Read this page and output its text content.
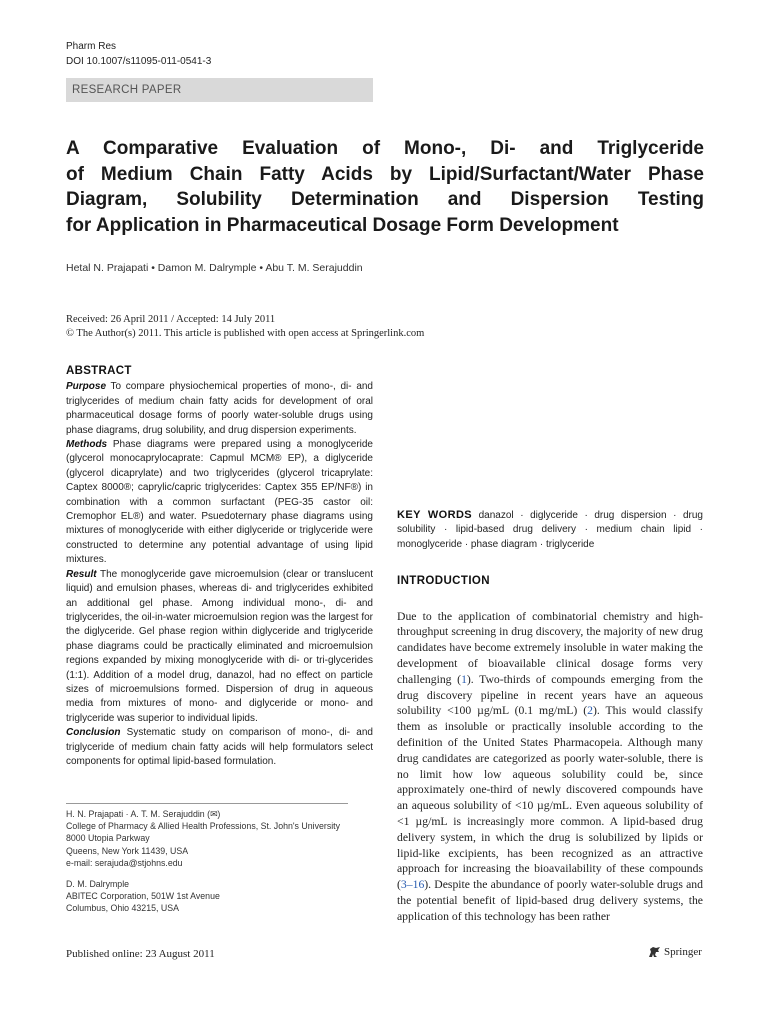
Pharm Res
DOI 10.1007/s11095-011-0541-3
RESEARCH PAPER
A Comparative Evaluation of Mono-, Di- and Triglyceride
of Medium Chain Fatty Acids by Lipid/Surfactant/Water Phase
Diagram, Solubility Determination and Dispersion Testing
for Application in Pharmaceutical Dosage Form Development
Hetal N. Prajapati • Damon M. Dalrymple • Abu T. M. Serajuddin
Received: 26 April 2011 / Accepted: 14 July 2011
© The Author(s) 2011. This article is published with open access at Springerlink.com
ABSTRACT
Purpose To compare physiochemical properties of mono-, di- and triglycerides of medium chain fatty acids for development of oral pharmaceutical dosage forms of poorly water-soluble drugs using phase diagrams, drug solubility, and drug dispersion experiments.
Methods Phase diagrams were prepared using a monoglyceride (glycerol monocaprylocaprate: Capmul MCM® EP), a diglyceride (glycerol dicaprylate) and two triglycerides (glycerol tricaprylate: Captex 8000®; caprylic/capric triglycerides: Captex 355 EP/NF®) in combination with a common surfactant (PEG-35 castor oil: Cremophor EL®) and water. Psuedoternary phase diagrams using mixtures of monoglyceride with either diglyceride or triglyceride were constructed to determine any potential advantage of using lipid mixtures.
Result The monoglyceride gave microemulsion (clear or translucent liquid) and emulsion phases, whereas di- and triglycerides exhibited an additional gel phase. Among individual mono-, di- and triglycerides, the oil-in-water microemulsion region was the largest for the diglyceride. Gel phase region within diglyceride and triglyceride phase diagrams could be practically eliminated and microemulsion regions expanded by mixing monoglyceride with di- or tri-glycerides (1:1). Addition of a model drug, danazol, had no effect on particle sizes of microemulsions formed. Dispersion of drug in aqueous media from mixtures of mono- and diglyceride or mono- and triglyceride was superior to individual lipids.
Conclusion Systematic study on comparison of mono-, di- and triglyceride of medium chain fatty acids will help formulators select components for optimal lipid-based formulation.
KEY WORDS danazol · diglyceride · drug dispersion · drug solubility · lipid-based drug delivery · medium chain lipid · monoglyceride · phase diagram · triglyceride
INTRODUCTION
Due to the application of combinatorial chemistry and high-throughput screening in drug discovery, the majority of new drug candidates have become extremely insoluble in water making the development of bioavailable clinical dosage forms very challenging (1). Two-thirds of compounds emerging from the drug discovery pipeline in recent years have an aqueous solubility <100 µg/mL (0.1 mg/mL) (2). This would classify them as insoluble or practically insoluble according to the definition of the United States Pharmacopeia. Although many drug candidates are categorized as poorly water-soluble, there is no limit how low aqueous solubility could be, since approximately one-third of newly discovered compounds have an aqueous solubility of <10 µg/mL. Even aqueous solubility of <1 µg/mL is increasingly more common. A lipid-based drug delivery system, in which the drug is solubilized by lipids or lipid-like excipients, has been recognized as an attractive approach for increasing the bioavailability of these compounds (3–16). Despite the abundance of poorly water-soluble drugs and the potential benefit of lipid-based drug delivery systems, the application of this technology has been rather
H. N. Prajapati · A. T. M. Serajuddin (✉)
College of Pharmacy & Allied Health Professions, St. John's University
8000 Utopia Parkway
Queens, New York 11439, USA
e-mail: serajuda@stjohns.edu
D. M. Dalrymple
ABITEC Corporation, 501W 1st Avenue
Columbus, Ohio 43215, USA
Published online: 23 August 2011	Springer
